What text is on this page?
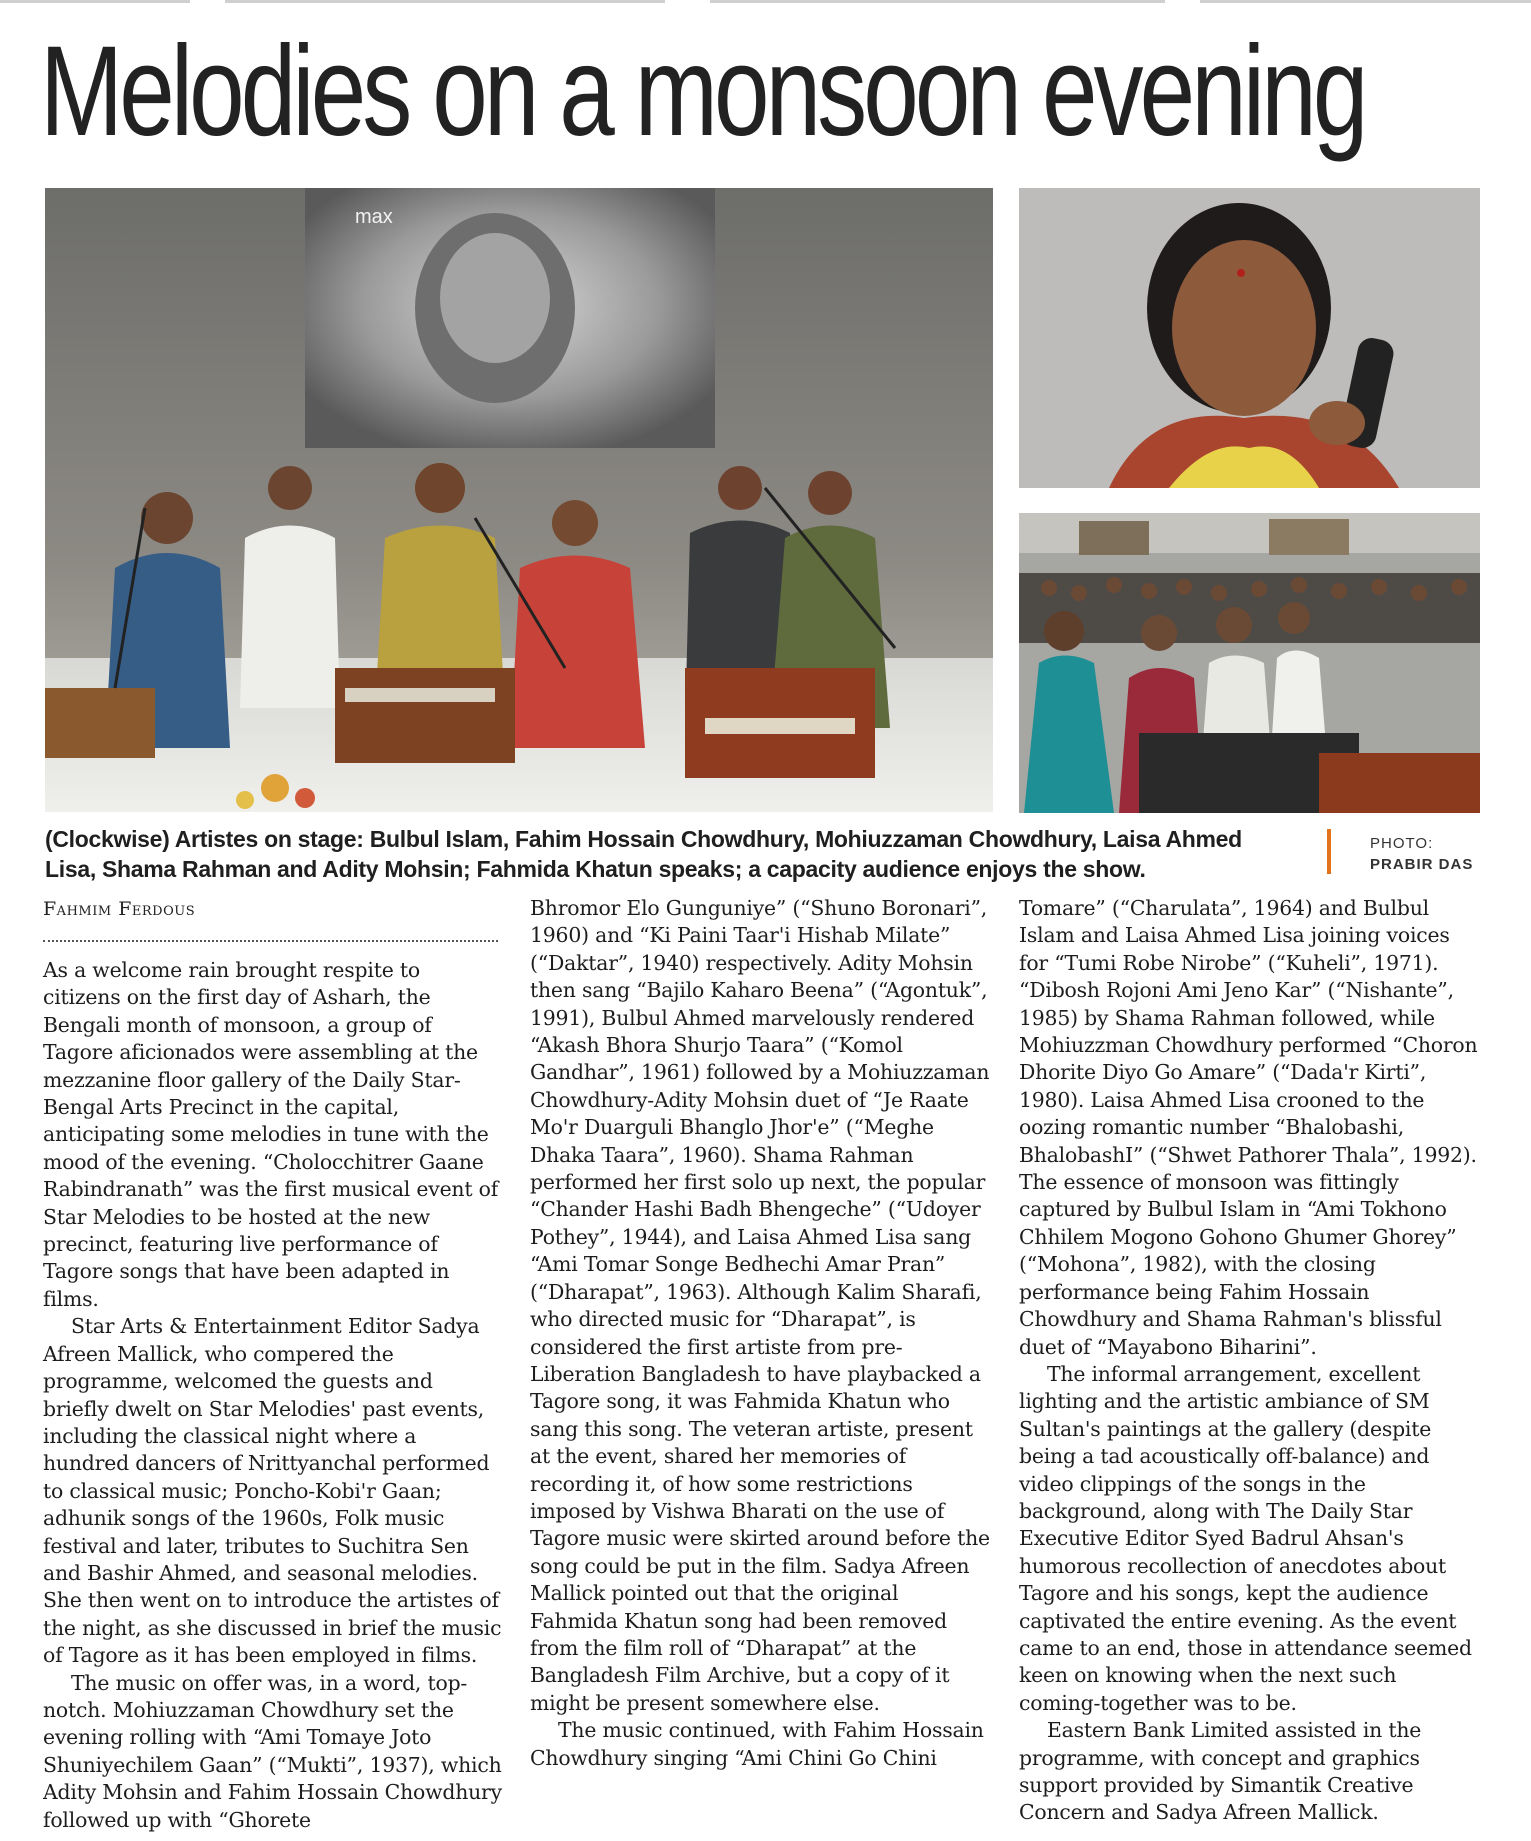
Melodies on a monsoon evening
max
(Clockwise) Artistes on stage: Bulbul Islam, Fahim Hossain Chowdhury, Mohiuzzaman Chowdhury, Laisa Ahmed Lisa, Shama Rahman and Adity Mohsin; Fahmida Khatun speaks; a capacity audience enjoys the show.
PHOTO:
PRABIR DAS
Fahmim Ferdous

As a welcome rain brought respite to citizens on the first day of Asharh, the Bengali month of monsoon, a group of Tagore aficionados were assembling at the mezzanine floor gallery of the Daily Star-Bengal Arts Precinct in the capital, anticipating some melodies in tune with the mood of the evening. “Cholocchitrer Gaane Rabindranath” was the first musical event of Star Melodies to be hosted at the new precinct, featuring live performance of Tagore songs that have been adapted in films.

Star Arts & Entertainment Editor Sadya Afreen Mallick, who compered the programme, welcomed the guests and briefly dwelt on Star Melodies' past events, including the classical night where a hundred dancers of Nrittyanchal performed to classical music; Poncho-Kobi'r Gaan; adhunik songs of the 1960s, Folk music festival and later, tributes to Suchitra Sen and Bashir Ahmed, and seasonal melodies. She then went on to introduce the artistes of the night, as she discussed in brief the music of Tagore as it has been employed in films.

The music on offer was, in a word, top-notch. Mohiuzzaman Chowdhury set the evening rolling with “Ami Tomaye Joto Shuniyechilem Gaan” (“Mukti”, 1937), which Adity Mohsin and Fahim Hossain Chowdhury followed up with “Ghorete

Bhromor Elo Gunguniye” (“Shuno Boronari”, 1960) and “Ki Paini Taar'i Hishab Milate” (“Daktar”, 1940) respectively. Adity Mohsin then sang “Bajilo Kaharo Beena” (“Agontuk”, 1991), Bulbul Ahmed marvelously rendered “Akash Bhora Shurjo Taara” (“Komol Gandhar”, 1961) followed by a Mohiuzzaman Chowdhury-Adity Mohsin duet of “Je Raate Mo'r Duarguli Bhanglo Jhor'e” (“Meghe Dhaka Taara”, 1960). Shama Rahman performed her first solo up next, the popular “Chander Hashi Badh Bhengeche” (“Udoyer Pothey”, 1944), and Laisa Ahmed Lisa sang “Ami Tomar Songe Bedhechi Amar Pran” (“Dharapat”, 1963). Although Kalim Sharafi, who directed music for “Dharapat”, is considered the first artiste from pre-Liberation Bangladesh to have playbacked a Tagore song, it was Fahmida Khatun who sang this song. The veteran artiste, present at the event, shared her memories of recording it, of how some restrictions imposed by Vishwa Bharati on the use of Tagore music were skirted around before the song could be put in the film. Sadya Afreen Mallick pointed out that the original Fahmida Khatun song had been removed from the film roll of “Dharapat” at the Bangladesh Film Archive, but a copy of it might be present somewhere else.

The music continued, with Fahim Hossain Chowdhury singing “Ami Chini Go Chini

Tomare” (“Charulata”, 1964) and Bulbul Islam and Laisa Ahmed Lisa joining voices for “Tumi Robe Nirobe” (“Kuheli”, 1971). “Dibosh Rojoni Ami Jeno Kar” (“Nishante”, 1985) by Shama Rahman followed, while Mohiuzzman Chowdhury performed “Choron Dhorite Diyo Go Amare” (“Dada'r Kirti”, 1980). Laisa Ahmed Lisa crooned to the oozing romantic number “Bhalobashi, BhalobashI” (“Shwet Pathorer Thala”, 1992). The essence of monsoon was fittingly captured by Bulbul Islam in “Ami Tokhono Chhilem Mogono Gohono Ghumer Ghorey” (“Mohona”, 1982), with the closing performance being Fahim Hossain Chowdhury and Shama Rahman's blissful duet of “Mayabono Biharini”.

The informal arrangement, excellent lighting and the artistic ambiance of SM Sultan's paintings at the gallery (despite being a tad acoustically off-balance) and video clippings of the songs in the background, along with The Daily Star Executive Editor Syed Badrul Ahsan's humorous recollection of anecdotes about Tagore and his songs, kept the audience captivated the entire evening. As the event came to an end, those in attendance seemed keen on knowing when the next such coming-together was to be.

Eastern Bank Limited assisted in the programme, with concept and graphics support provided by Simantik Creative Concern and Sadya Afreen Mallick.
